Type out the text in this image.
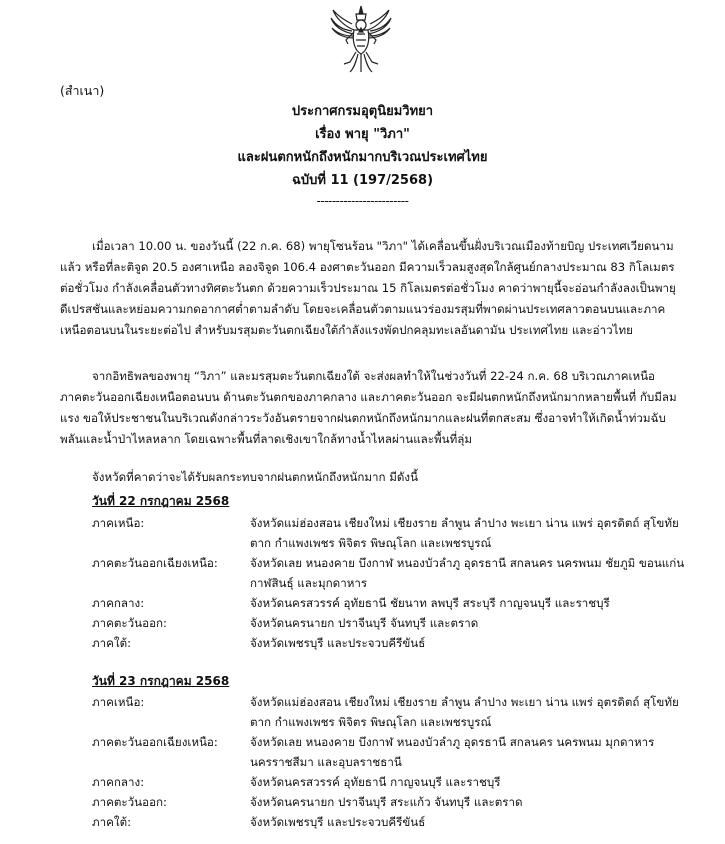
(สำเนา)
ประกาศกรมอุตุนิยมวิทยา
เรื่อง พายุ "วิภา"
และฝนตกหนักถึงหนักมากบริเวณประเทศไทย
ฉบับที่ 11 (197/2568)
------------------------
เมื่อเวลา 10.00 น. ของวันนี้ (22 ก.ค. 68) พายุโซนร้อน "วิภา" ได้เคลื่อนขึ้นฝั่งบริเวณเมืองท้ายบิญ ประเทศเวียดนามแล้ว หรือที่ละติจูด 20.5 องศาเหนือ ลองจิจูด 106.4 องศาตะวันออก มีความเร็วลมสูงสุดใกล้ศูนย์กลางประมาณ 83 กิโลเมตรต่อชั่วโมง กำลังเคลื่อนตัวทางทิศตะวันตก ด้วยความเร็วประมาณ 15 กิโลเมตรต่อชั่วโมง คาดว่าพายุนี้จะอ่อนกำลังลงเป็นพายุดีเปรสชันและหย่อมความกดอากาศต่ำตามลำดับ โดยจะเคลื่อนตัวตามแนวร่องมรสุมที่พาดผ่านประเทศลาวตอนบนและภาคเหนือตอนบนในระยะต่อไป สำหรับมรสุมตะวันตกเฉียงใต้กำลังแรงพัดปกคลุมทะเลอันดามัน ประเทศไทย และอ่าวไทย
จากอิทธิพลของพายุ “วิภา” และมรสุมตะวันตกเฉียงใต้ จะส่งผลทำให้ในช่วงวันที่ 22-24 ก.ค. 68 บริเวณภาคเหนือ ภาคตะวันออกเฉียงเหนือตอนบน ด้านตะวันตกของภาคกลาง และภาคตะวันออก จะมีฝนตกหนักถึงหนักมากหลายพื้นที่ กับมีลมแรง ขอให้ประชาชนในบริเวณดังกล่าวระวังอันตรายจากฝนตกหนักถึงหนักมากและฝนที่ตกสะสม ซึ่งอาจทำให้เกิดน้ำท่วมฉับพลันและน้ำป่าไหลหลาก โดยเฉพาะพื้นที่ลาดเชิงเขาใกล้ทางน้ำไหลผ่านและพื้นที่ลุ่ม
จังหวัดที่คาดว่าจะได้รับผลกระทบจากฝนตกหนักถึงหนักมาก มีดังนี้
วันที่ 22 กรกฎาคม 2568
ภาคเหนือ:	จังหวัดแม่ฮ่องสอน เชียงใหม่ เชียงราย ลำพูน ลำปาง พะเยา น่าน แพร่ อุตรดิตถ์ สุโขทัย ตาก กำแพงเพชร พิจิตร พิษณุโลก และเพชรบูรณ์
ภาคตะวันออกเฉียงเหนือ:	จังหวัดเลย หนองคาย บึงกาฬ หนองบัวลำภู อุดรธานี สกลนคร นครพนม ชัยภูมิ ขอนแก่น กาฬสินธุ์ และมุกดาหาร
ภาคกลาง:	จังหวัดนครสวรรค์ อุทัยธานี ชัยนาท ลพบุรี สระบุรี กาญจนบุรี และราชบุรี
ภาคตะวันออก:	จังหวัดนครนายก ปราจีนบุรี จันทบุรี และตราด
ภาคใต้:	จังหวัดเพชรบุรี และประจวบคีรีขันธ์
วันที่ 23 กรกฎาคม 2568
ภาคเหนือ:	จังหวัดแม่ฮ่องสอน เชียงใหม่ เชียงราย ลำพูน ลำปาง พะเยา น่าน แพร่ อุตรดิตถ์ สุโขทัย ตาก กำแพงเพชร พิจิตร พิษณุโลก และเพชรบูรณ์
ภาคตะวันออกเฉียงเหนือ:	จังหวัดเลย หนองคาย บึงกาฬ หนองบัวลำภู อุดรธานี สกลนคร นครพนม มุกดาหาร นครราชสีมา และอุบลราชธานี
ภาคกลาง:	จังหวัดนครสวรรค์ อุทัยธานี กาญจนบุรี และราชบุรี
ภาคตะวันออก:	จังหวัดนครนายก ปราจีนบุรี สระแก้ว จันทบุรี และตราด
ภาคใต้:	จังหวัดเพชรบุรี และประจวบคีรีขันธ์
